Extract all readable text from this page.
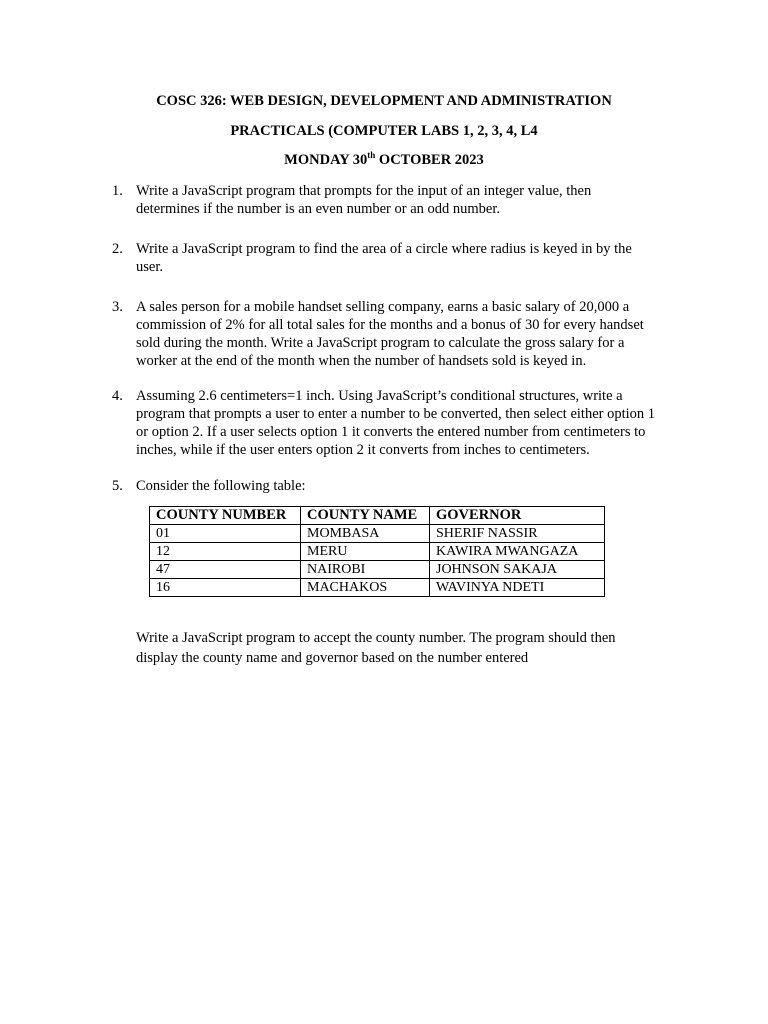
COSC 326: WEB DESIGN, DEVELOPMENT AND ADMINISTRATION
PRACTICALS (COMPUTER LABS 1, 2, 3, 4, L4
MONDAY 30th OCTOBER 2023
1. Write a JavaScript program that prompts for the input of an integer value, then
determines if the number is an even number or an odd number.
2. Write a JavaScript program to find the area of a circle where radius is keyed in by the
user.
3. A sales person for a mobile handset selling company, earns a basic salary of 20,000 a
commission of 2% for all total sales for the months and a bonus of 30 for every handset
sold during the month. Write a JavaScript program to calculate the gross salary for a
worker at the end of the month when the number of handsets sold is keyed in.
4. Assuming 2.6 centimeters=1 inch. Using JavaScript’s conditional structures, write a
program that prompts a user to enter a number to be converted, then select either option 1
or option 2. If a user selects option 1 it converts the entered number from centimeters to
inches, while if the user enters option 2 it converts from inches to centimeters.
5. Consider the following table:
COUNTY NUMBER	COUNTY NAME	GOVERNOR
01	MOMBASA	SHERIF NASSIR
12	MERU	KAWIRA MWANGAZA
47	NAIROBI	JOHNSON SAKAJA
16	MACHAKOS	WAVINYA NDETI
Write a JavaScript program to accept the county number. The program should then
display the county name and governor based on the number entered
